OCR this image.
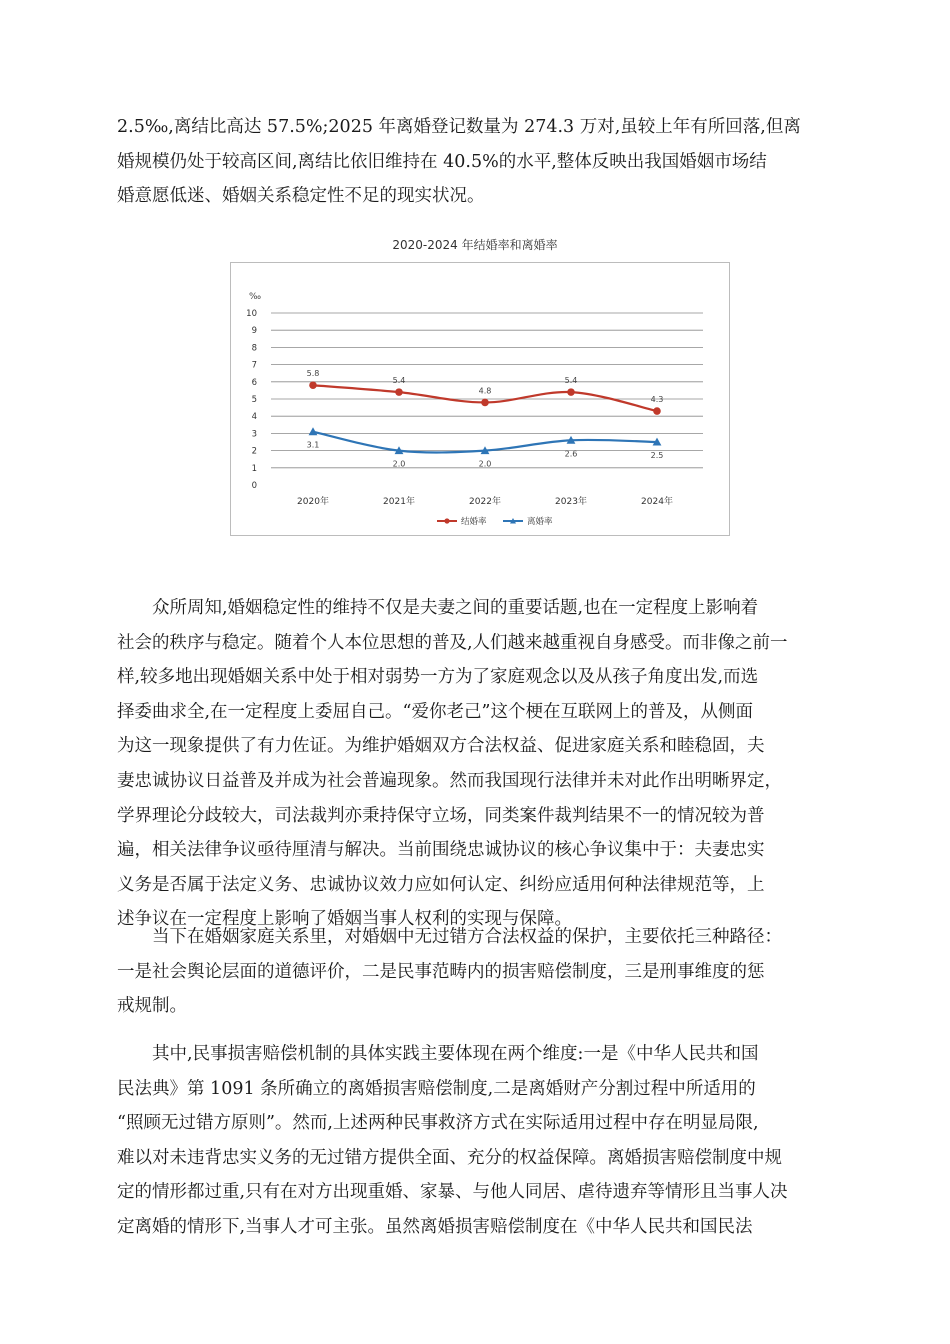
2.5‰,离结比高达 57.5%;2025 年离婚登记数量为 274.3 万对,虽较上年有所回落,但离
婚规模仍处于较高区间,离结比依旧维持在 40.5%的水平,整体反映出我国婚姻市场结
婚意愿低迷、婚姻关系稳定性不足的现实状况。
2020-2024 年结婚率和离婚率
‰
0
1
2
3
4
5
6
7
8
9
10
2020年	2021年	2022年	2023年	2024年
5.8
5.4
4.8
5.4
4.3
3.1
2.0	2.0
2.6	2.5
结婚率	离婚率
众所周知,婚姻稳定性的维持不仅是夫妻之间的重要话题,也在一定程度上影响着
社会的秩序与稳定。随着个人本位思想的普及,人们越来越重视自身感受。而非像之前一
样,较多地出现婚姻关系中处于相对弱势一方为了家庭观念以及从孩子角度出发,而选
择委曲求全,在一定程度上委屈自己。“爱你老己”这个梗在互联网上的普及，从侧面
为这一现象提供了有力佐证。为维护婚姻双方合法权益、促进家庭关系和睦稳固，夫
妻忠诚协议日益普及并成为社会普遍现象。然而我国现行法律并未对此作出明晰界定，
学界理论分歧较大，司法裁判亦秉持保守立场，同类案件裁判结果不一的情况较为普
遍，相关法律争议亟待厘清与解决。当前围绕忠诚协议的核心争议集中于：夫妻忠实
义务是否属于法定义务、忠诚协议效力应如何认定、纠纷应适用何种法律规范等，上
述争议在一定程度上影响了婚姻当事人权利的实现与保障。
当下在婚姻家庭关系里，对婚姻中无过错方合法权益的保护，主要依托三种路径：
一是社会舆论层面的道德评价，二是民事范畴内的损害赔偿制度，三是刑事维度的惩
戒规制。
其中,民事损害赔偿机制的具体实践主要体现在两个维度:一是《中华人民共和国
民法典》第 1091 条所确立的离婚损害赔偿制度,二是离婚财产分割过程中所适用的
“照顾无过错方原则”。然而,上述两种民事救济方式在实际适用过程中存在明显局限,
难以对未违背忠实义务的无过错方提供全面、充分的权益保障。离婚损害赔偿制度中规
定的情形都过重,只有在对方出现重婚、家暴、与他人同居、虐待遗弃等情形且当事人决
定离婚的情形下,当事人才可主张。虽然离婚损害赔偿制度在《中华人民共和国民法
